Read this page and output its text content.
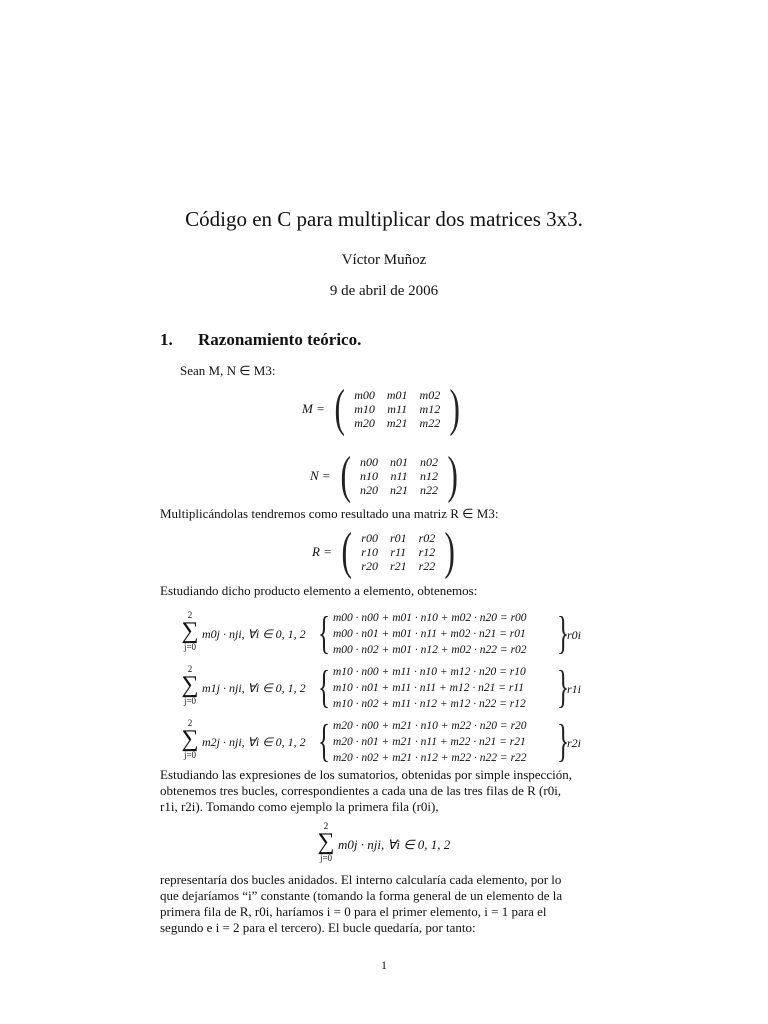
Código en C para multiplicar dos matrices 3x3.
Víctor Muñoz
9 de abril de 2006
1. Razonamiento teórico.
Sean M, N ∈ M3:
M = ( m00	m01	m02
m10	m11	m12
m20	m21	m22 )
N = ( n00	n01	n02
n10	n11	n12
n20	n21	n22 )
Multiplicándolas tendremos como resultado una matriz R ∈ M3:
R = ( r00	r01	r02
r10	r11	r12
r20	r21	r22 )
Estudiando dicho producto elemento a elemento, obtenemos:
2
∑
j=0
m0j · nji, ∀i ∈ 0, 1, 2 { m00 · n00 + m01 · n10 + m02 · n20 = r00
m00 · n01 + m01 · n11 + m02 · n21 = r01
m00 · n02 + m01 · n12 + m02 · n22 = r02 }
r0i
2
∑
j=0
m1j · nji, ∀i ∈ 0, 1, 2 { m10 · n00 + m11 · n10 + m12 · n20 = r10
m10 · n01 + m11 · n11 + m12 · n21 = r11
m10 · n02 + m11 · n12 + m12 · n22 = r12 }
r1i
2
∑
j=0
m2j · nji, ∀i ∈ 0, 1, 2 { m20 · n00 + m21 · n10 + m22 · n20 = r20
m20 · n01 + m21 · n11 + m22 · n21 = r21
m20 · n02 + m21 · n12 + m22 · n22 = r22 }
r2i
Estudiando las expresiones de los sumatorios, obtenidas por simple inspección,
obtenemos tres bucles, correspondientes a cada una de las tres filas de R (r0i,
r1i, r2i). Tomando como ejemplo la primera fila (r0i),
2
∑
j=0
m0j · nji, ∀i ∈ 0, 1, 2
representaría dos bucles anidados. El interno calcularía cada elemento, por lo
que dejaríamos “i” constante (tomando la forma general de un elemento de la
primera fila de R, r0i, haríamos i = 0 para el primer elemento, i = 1 para el
segundo e i = 2 para el tercero). El bucle quedaría, por tanto:
1
